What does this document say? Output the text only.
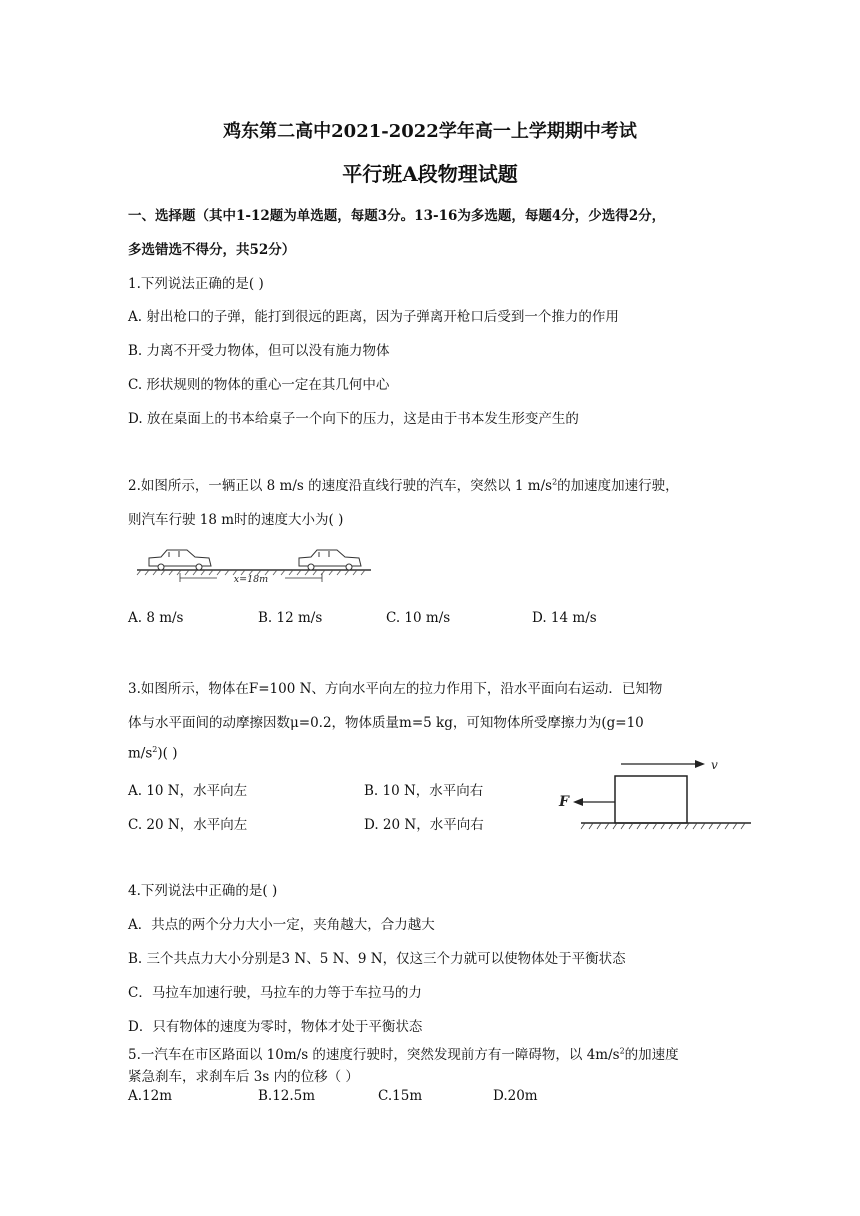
鸡东第二高中2021-2022学年高一上学期期中考试
平行班A段物理试题
一、选择题（其中1-12题为单选题，每题3分。13-16为多选题，每题4分，少选得2分，
多选错选不得分，共52分）
1.下列说法正确的是( )
A. 射出枪口的子弹，能打到很远的距离，因为子弹离开枪口后受到一个推力的作用
B. 力离不开受力物体，但可以没有施力物体
C. 形状规则的物体的重心一定在其几何中心
D. 放在桌面上的书本给桌子一个向下的压力，这是由于书本发生形变产生的
2.如图所示，一辆正以 8 m/s 的速度沿直线行驶的汽车，突然以 1 $m/s^2$的加速度加速行驶，
则汽车行驶 18 m时的速度大小为( )
x=18m
A. 8 m/s	B. 12 m/s	C. 10 m/s	D. 14 m/s
3.如图所示，物体在F=100 N、方向水平向左的拉力作用下，沿水平面向右运动．已知物
体与水平面间的动摩擦因数μ=0.2，物体质量m=5 kg，可知物体所受摩擦力为(g=10
$m/s^2$)( )
A. 10 N，水平向左	B. 10 N，水平向右
C. 20 N，水平向左	D. 20 N，水平向右
v
F
4.下列说法中正确的是( )
A．共点的两个分力大小一定，夹角越大，合力越大
B. 三个共点力大小分别是3 N、5 N、9 N，仅这三个力就可以使物体处于平衡状态
C．马拉车加速行驶，马拉车的力等于车拉马的力
D．只有物体的速度为零时，物体才处于平衡状态
5.一汽车在市区路面以 10m/s 的速度行驶时，突然发现前方有一障碍物，以 $4m/s^2$的加速度
紧急刹车，求刹车后 3s 内的位移（ ）
A.12m	B.12.5m	C.15m	D.20m
